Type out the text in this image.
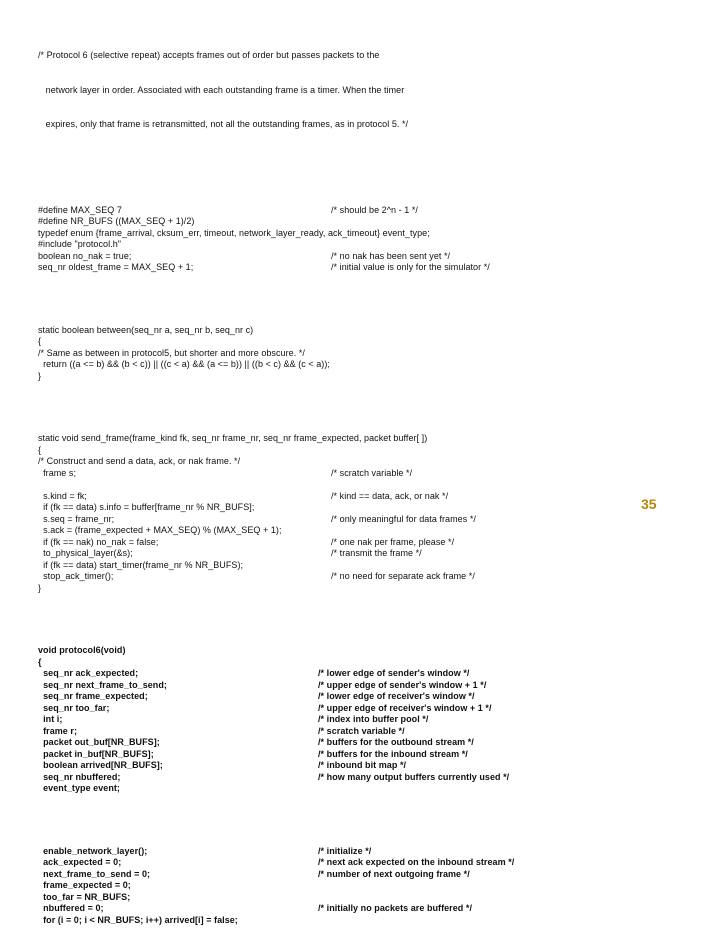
/* Protocol 6 (selective repeat) accepts frames out of order but passes packets to the

network layer in order. Associated with each outstanding frame is a timer. When the timer

expires, only that frame is retransmitted, not all the outstanding frames, as in protocol 5. */

#define MAX_SEQ 7	/* should be 2^n - 1 */
#define NR_BUFS ((MAX_SEQ + 1)/2)
typedef enum {frame_arrival, cksum_err, timeout, network_layer_ready, ack_timeout} event_type;
#include "protocol.h"
boolean no_nak = true;	/* no nak has been sent yet */
seq_nr oldest_frame = MAX_SEQ + 1;	/* initial value is only for the simulator */

static boolean between(seq_nr a, seq_nr b, seq_nr c)
{
/* Same as between in protocol5, but shorter and more obscure. */
return ((a <= b) && (b < c)) || ((c < a) && (a <= b)) || ((b < c) && (c < a));
}

static void send_frame(frame_kind fk, seq_nr frame_nr, seq_nr frame_expected, packet buffer[ ])
{
/* Construct and send a data, ack, or nak frame. */
frame s;	/* scratch variable */
s.kind = fk;	/* kind == data, ack, or nak */
if (fk == data) s.info = buffer[frame_nr % NR_BUFS];
s.seq = frame_nr;	/* only meaningful for data frames */
s.ack = (frame_expected + MAX_SEQ) % (MAX_SEQ + 1);
if (fk == nak) no_nak = false;	/* one nak per frame, please */
to_physical_layer(&s);	/* transmit the frame */
if (fk == data) start_timer(frame_nr % NR_BUFS);
stop_ack_timer();	/* no need for separate ack frame */
}

void protocol6(void)
{
seq_nr ack_expected;	/* lower edge of sender's window */
seq_nr next_frame_to_send;	/* upper edge of sender's window + 1 */
seq_nr frame_expected;	/* lower edge of receiver's window */
seq_nr too_far;	/* upper edge of receiver's window + 1 */
int i;	/* index into buffer pool */
frame r;	/* scratch variable */
packet out_buf[NR_BUFS];	/* buffers for the outbound stream */
packet in_buf[NR_BUFS];	/* buffers for the inbound stream */
boolean arrived[NR_BUFS];	/* inbound bit map */
seq_nr nbuffered;	/* how many output buffers currently used */
event_type event;

enable_network_layer();	/* initialize */
ack_expected = 0;	/* next ack expected on the inbound stream */
next_frame_to_send = 0;	/* number of next outgoing frame */
frame_expected = 0;
too_far = NR_BUFS;
nbuffered = 0;	/* initially no packets are buffered */
for (i = 0; i < NR_BUFS; i++) arrived[i] = false;

35
